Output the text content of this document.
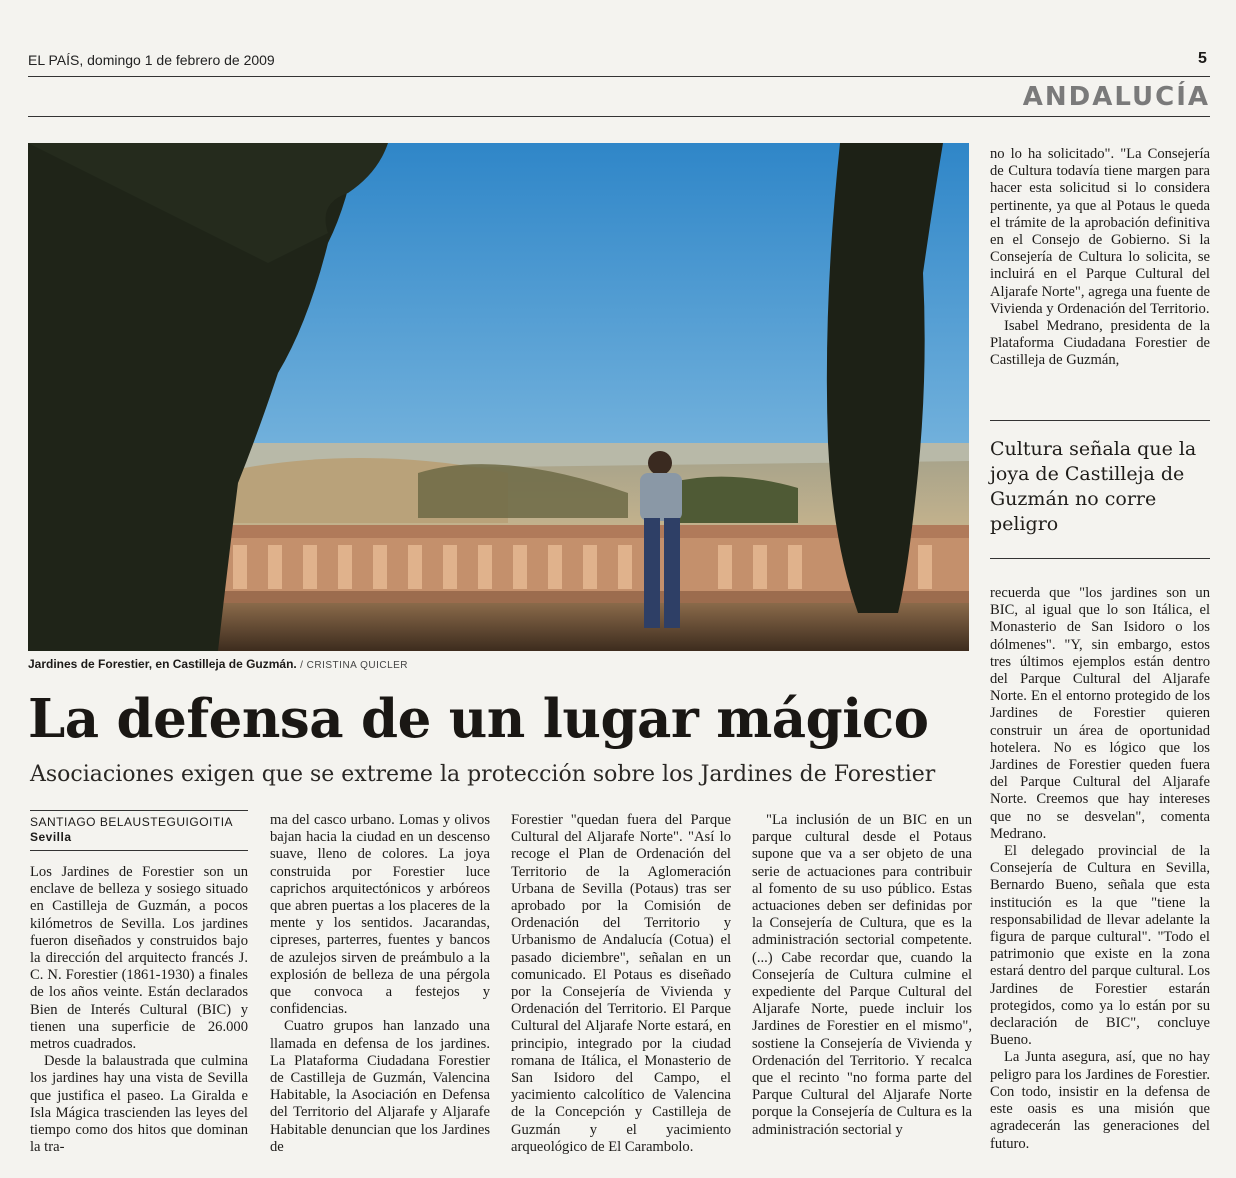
EL PAÍS, domingo 1 de febrero de 2009	5
ANDALUCÍA
Jardines de Forestier, en Castilleja de Guzmán. / CRISTINA QUICLER
La defensa de un lugar mágico
Asociaciones exigen que se extreme la protección sobre los Jardines de Forestier
SANTIAGO BELAUSTEGUIGOITIA
Sevilla

Los Jardines de Forestier son un enclave de belleza y sosiego situado en Castilleja de Guzmán, a pocos kilómetros de Sevilla. Los jardines fueron diseñados y construidos bajo la dirección del arquitecto francés J. C. N. Forestier (1861-1930) a finales de los años veinte. Están declarados Bien de Interés Cultural (BIC) y tienen una superficie de 26.000 metros cuadrados.

Desde la balaustrada que culmina los jardines hay una vista de Sevilla que justifica el paseo. La Giralda e Isla Mágica trascienden las leyes del tiempo como dos hitos que dominan la tra-

ma del casco urbano. Lomas y olivos bajan hacia la ciudad en un descenso suave, lleno de colores. La joya construida por Forestier luce caprichos arquitectónicos y arbóreos que abren puertas a los placeres de la mente y los sentidos. Jacarandas, cipreses, parterres, fuentes y bancos de azulejos sirven de preámbulo a la explosión de belleza de una pérgola que convoca a festejos y confidencias.

Cuatro grupos han lanzado una llamada en defensa de los jardines. La Plataforma Ciudadana Forestier de Castilleja de Guzmán, Valencina Habitable, la Asociación en Defensa del Territorio del Aljarafe y Aljarafe Habitable denuncian que los Jardines de

Forestier "quedan fuera del Parque Cultural del Aljarafe Norte". "Así lo recoge el Plan de Ordenación del Territorio de la Aglomeración Urbana de Sevilla (Potaus) tras ser aprobado por la Comisión de Ordenación del Territorio y Urbanismo de Andalucía (Cotua) el pasado diciembre", señalan en un comunicado. El Potaus es diseñado por la Consejería de Vivienda y Ordenación del Territorio. El Parque Cultural del Aljarafe Norte estará, en principio, integrado por la ciudad romana de Itálica, el Monasterio de San Isidoro del Campo, el yacimiento calcolítico de Valencina de la Concepción y Castilleja de Guzmán y el yacimiento arqueológico de El Carambolo.

"La inclusión de un BIC en un parque cultural desde el Potaus supone que va a ser objeto de una serie de actuaciones para contribuir al fomento de su uso público. Estas actuaciones deben ser definidas por la Consejería de Cultura, que es la administración sectorial competente. (...) Cabe recordar que, cuando la Consejería de Cultura culmine el expediente del Parque Cultural del Aljarafe Norte, puede incluir los Jardines de Forestier en el mismo", sostiene la Consejería de Vivienda y Ordenación del Territorio. Y recalca que el recinto "no forma parte del Parque Cultural del Aljarafe Norte porque la Consejería de Cultura es la administración sectorial y

no lo ha solicitado". "La Consejería de Cultura todavía tiene margen para hacer esta solicitud si lo considera pertinente, ya que al Potaus le queda el trámite de la aprobación definitiva en el Consejo de Gobierno. Si la Consejería de Cultura lo solicita, se incluirá en el Parque Cultural del Aljarafe Norte", agrega una fuente de Vivienda y Ordenación del Territorio.

Isabel Medrano, presidenta de la Plataforma Ciudadana Forestier de Castilleja de Guzmán,

Cultura señala que la joya de Castilleja de Guzmán no corre peligro

recuerda que "los jardines son un BIC, al igual que lo son Itálica, el Monasterio de San Isidoro o los dólmenes". "Y, sin embargo, estos tres últimos ejemplos están dentro del Parque Cultural del Aljarafe Norte. En el entorno protegido de los Jardines de Forestier quieren construir un área de oportunidad hotelera. No es lógico que los Jardines de Forestier queden fuera del Parque Cultural del Aljarafe Norte. Creemos que hay intereses que no se desvelan", comenta Medrano.

El delegado provincial de la Consejería de Cultura en Sevilla, Bernardo Bueno, señala que esta institución es la que "tiene la responsabilidad de llevar adelante la figura de parque cultural". "Todo el patrimonio que existe en la zona estará dentro del parque cultural. Los Jardines de Forestier estarán protegidos, como ya lo están por su declaración de BIC", concluye Bueno.

La Junta asegura, así, que no hay peligro para los Jardines de Forestier. Con todo, insistir en la defensa de este oasis es una misión que agradecerán las generaciones del futuro.
